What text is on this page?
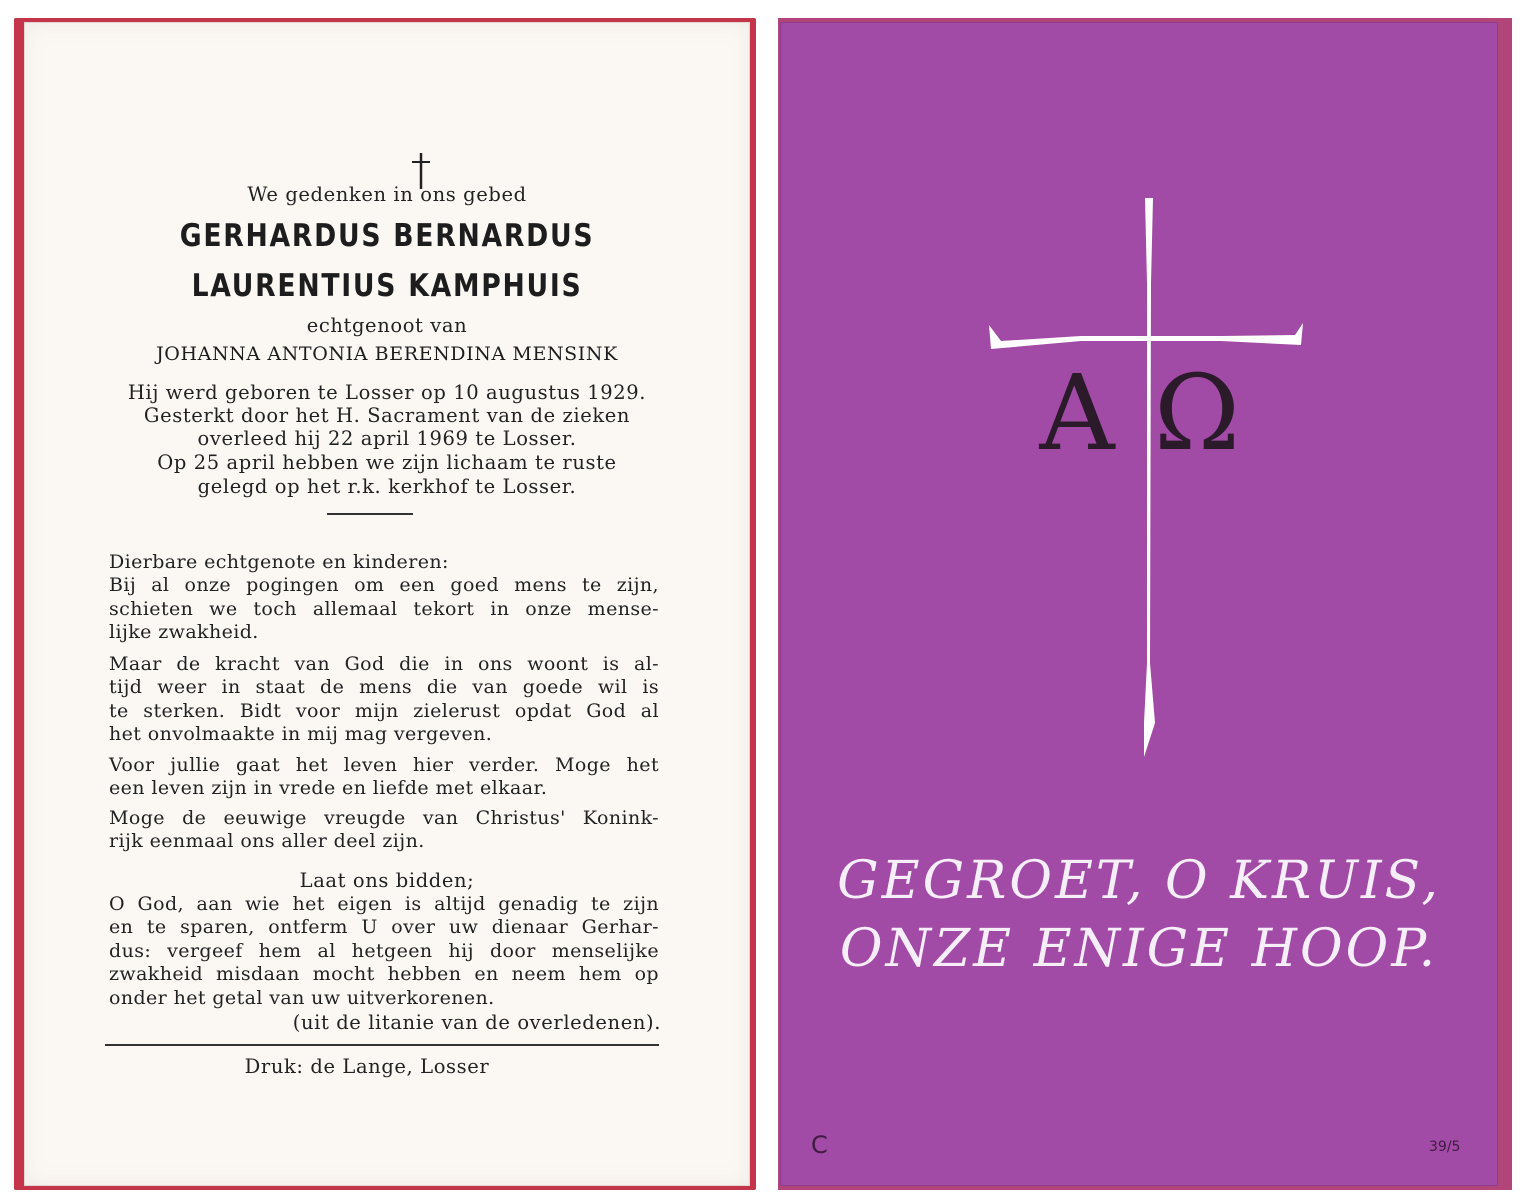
We gedenken in ons gebed
GERHARDUS BERNARDUS
LAURENTIUS KAMPHUIS
echtgenoot van
JOHANNA ANTONIA BERENDINA MENSINK
Hij werd geboren te Losser op 10 augustus 1929.
Gesterkt door het H. Sacrament van de zieken
overleed hij 22 april 1969 te Losser.
Op 25 april hebben we zijn lichaam te ruste
gelegd op het r.k. kerkhof te Losser.
Dierbare echtgenote en kinderen:
Bij al onze pogingen om een goed mens te zijn,
schieten we toch allemaal tekort in onze mense-
lijke zwakheid.
Maar de kracht van God die in ons woont is al-
tijd weer in staat de mens die van goede wil is
te sterken. Bidt voor mijn zielerust opdat God al
het onvolmaakte in mij mag vergeven.
Voor jullie gaat het leven hier verder. Moge het
een leven zijn in vrede en liefde met elkaar.
Moge de eeuwige vreugde van Christus' Konink-
rijk eenmaal ons aller deel zijn.
Laat ons bidden;
O God, aan wie het eigen is altijd genadig te zijn
en te sparen, ontferm U over uw dienaar Gerhar-
dus: vergeef hem al hetgeen hij door menselijke
zwakheid misdaan mocht hebben en neem hem op
onder het getal van uw uitverkorenen.
(uit de litanie van de overledenen).
Druk: de Lange, Losser
A Ω
GEGROET, O KRUIS,
ONZE ENIGE HOOP.
C	39/5
